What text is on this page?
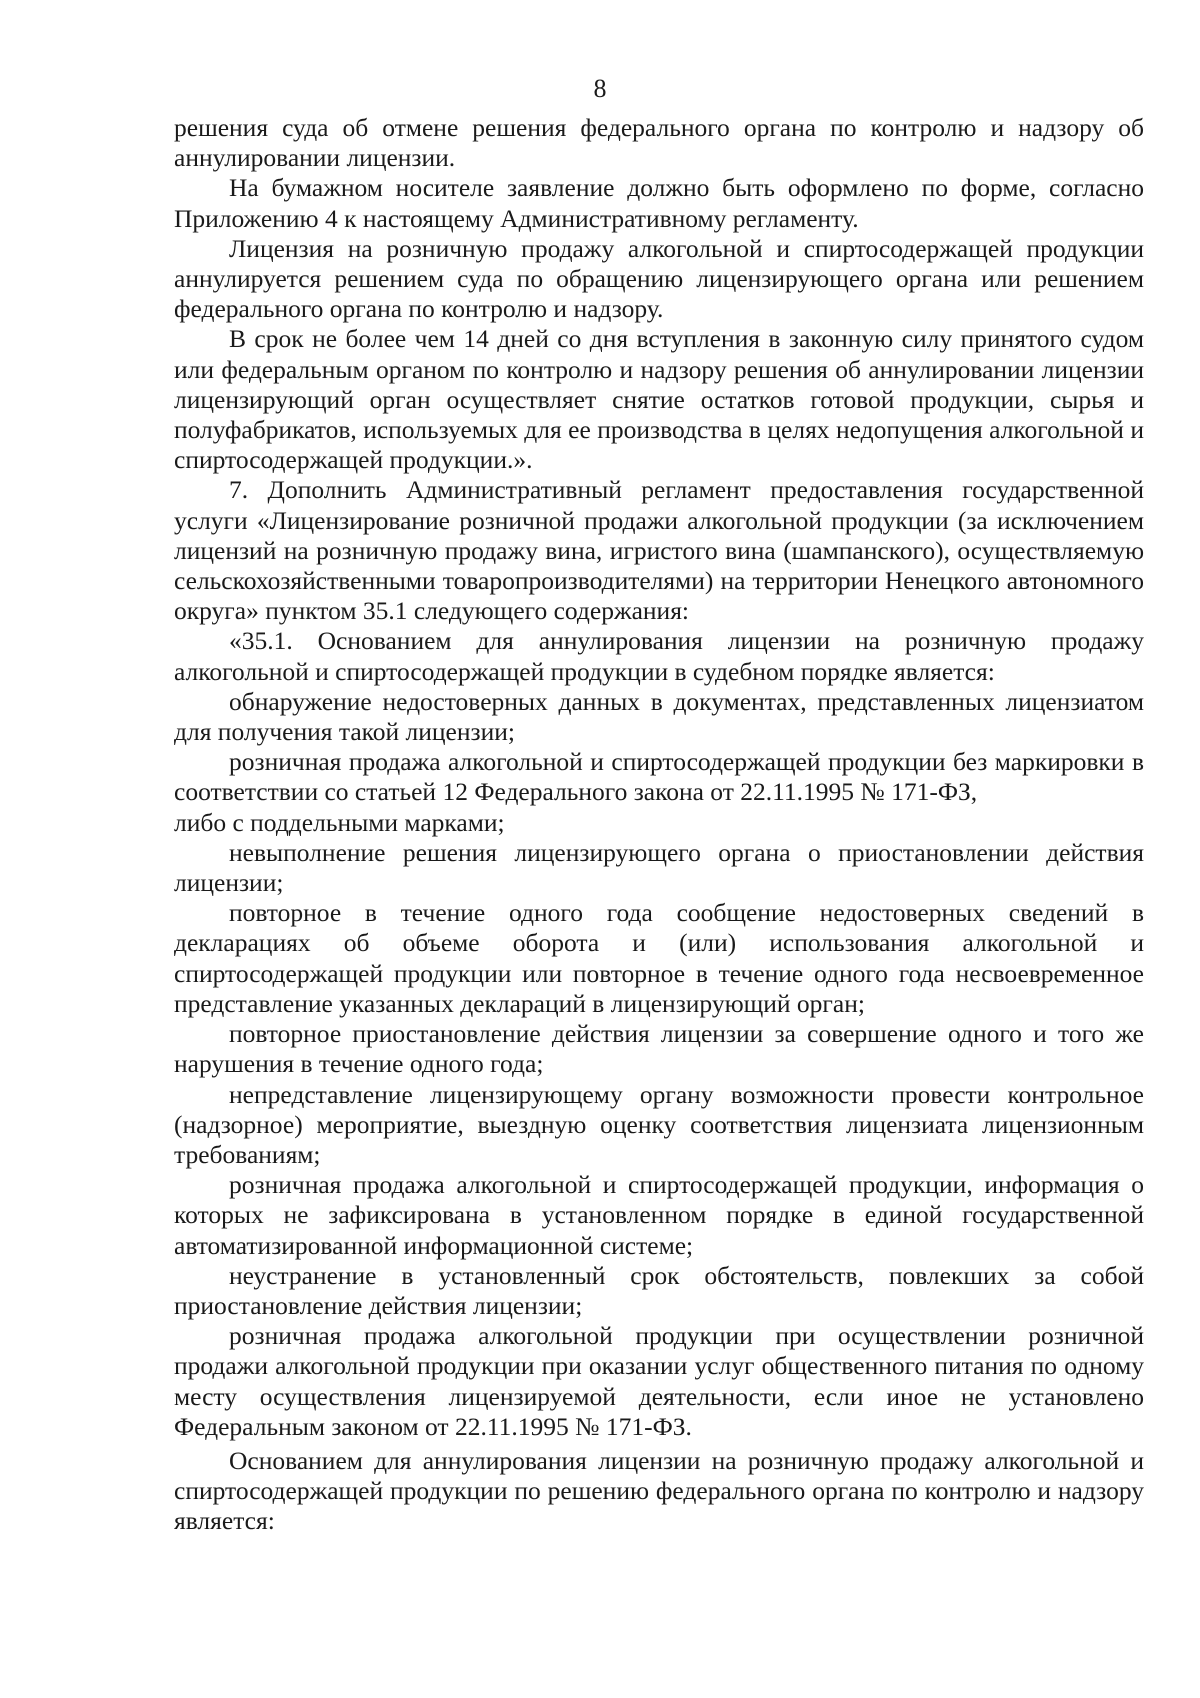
8

решения суда об отмене решения федерального органа по контролю и надзору об аннулировании лицензии.

На бумажном носителе заявление должно быть оформлено по форме, согласно Приложению 4 к настоящему Административному регламенту.

Лицензия на розничную продажу алкогольной и спиртосодержащей продукции аннулируется решением суда по обращению лицензирующего органа или решением федерального органа по контролю и надзору.

В срок не более чем 14 дней со дня вступления в законную силу принятого судом или федеральным органом по контролю и надзору решения об аннулировании лицензии лицензирующий орган осуществляет снятие остатков готовой продукции, сырья и полуфабрикатов, используемых для ее производства в целях недопущения алкогольной и спиртосодержащей продукции.».

7. Дополнить Административный регламент предоставления государственной услуги «Лицензирование розничной продажи алкогольной продукции (за исключением лицензий на розничную продажу вина, игристого вина (шампанского), осуществляемую сельскохозяйственными товаропроизводителями) на территории Ненецкого автономного округа» пунктом 35.1 следующего содержания:

«35.1. Основанием для аннулирования лицензии на розничную продажу алкогольной и спиртосодержащей продукции в судебном порядке является:

обнаружение недостоверных данных в документах, представленных лицензиатом для получения такой лицензии;

розничная продажа алкогольной и спиртосодержащей продукции без маркировки в соответствии со статьей 12 Федерального закона от 22.11.1995 № 171-ФЗ,

либо с поддельными марками;

невыполнение решения лицензирующего органа о приостановлении действия лицензии;

повторное в течение одного года сообщение недостоверных сведений в декларациях об объеме оборота и (или) использования алкогольной и спиртосодержащей продукции или повторное в течение одного года несвоевременное представление указанных деклараций в лицензирующий орган;

повторное приостановление действия лицензии за совершение одного и того же нарушения в течение одного года;

непредставление лицензирующему органу возможности провести контрольное (надзорное) мероприятие, выездную оценку соответствия лицензиата лицензионным требованиям;

розничная продажа алкогольной и спиртосодержащей продукции, информация о которых не зафиксирована в установленном порядке в единой государственной автоматизированной информационной системе;

неустранение в установленный срок обстоятельств, повлекших за собой приостановление действия лицензии;

розничная продажа алкогольной продукции при осуществлении розничной продажи алкогольной продукции при оказании услуг общественного питания по одному месту осуществления лицензируемой деятельности, если иное не установлено Федеральным законом от 22.11.1995 № 171-ФЗ.

Основанием для аннулирования лицензии на розничную продажу алкогольной и спиртосодержащей продукции по решению федерального органа по контролю и надзору является:
